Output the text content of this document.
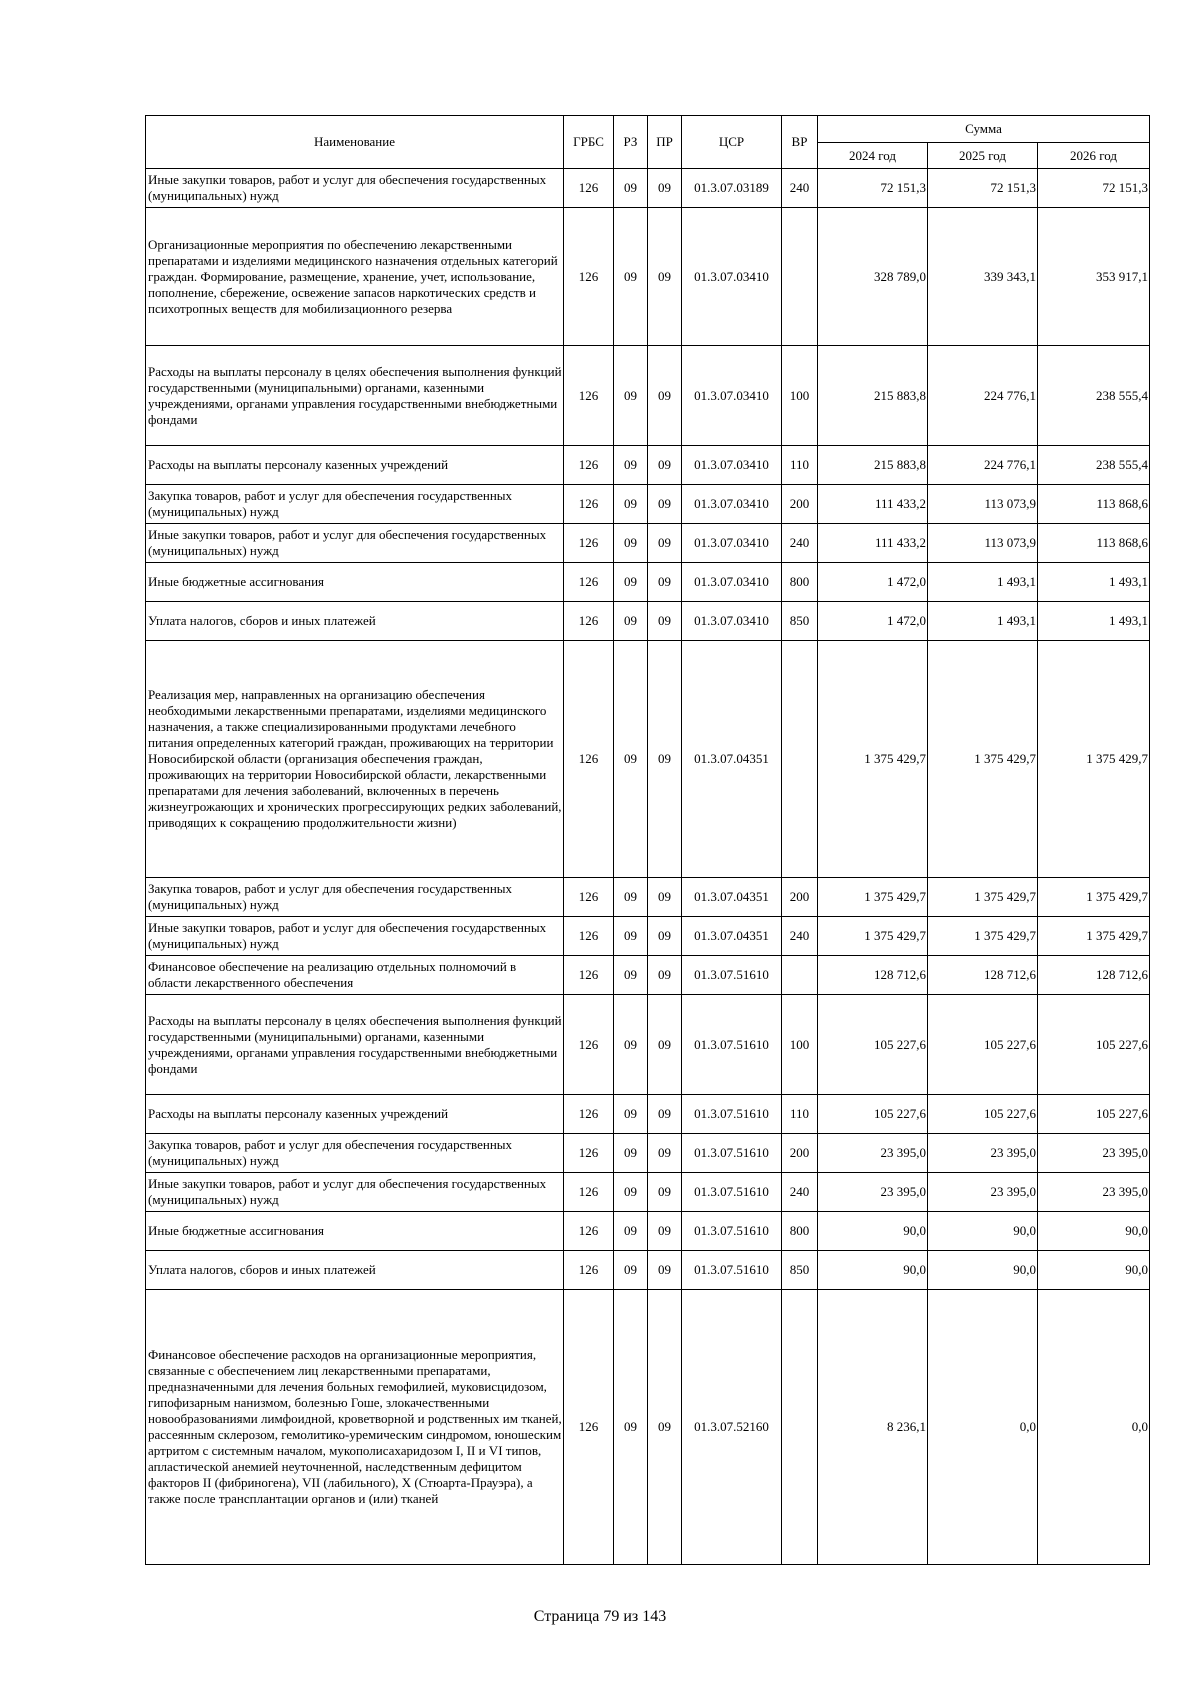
Наименование	ГРБС	РЗ	ПР	ЦСР	ВР	Сумма		
						2024 год	2025 год	2026 год
Иные закупки товаров, работ и услуг для обеспечения государственных (муниципальных) нужд	126	09	09	01.3.07.03189	240	72 151,3	72 151,3	72 151,3
Организационные мероприятия по обеспечению лекарственными препаратами и изделиями медицинского назначения отдельных категорий граждан. Формирование, размещение, хранение, учет, использование, пополнение, сбережение, освежение запасов наркотических средств и психотропных веществ для мобилизационного резерва	126	09	09	01.3.07.03410		328 789,0	339 343,1	353 917,1
Расходы на выплаты персоналу в целях обеспечения выполнения функций государственными (муниципальными) органами, казенными учреждениями, органами управления государственными внебюджетными фондами	126	09	09	01.3.07.03410	100	215 883,8	224 776,1	238 555,4
Расходы на выплаты персоналу казенных учреждений	126	09	09	01.3.07.03410	110	215 883,8	224 776,1	238 555,4
Закупка товаров, работ и услуг для обеспечения государственных (муниципальных) нужд	126	09	09	01.3.07.03410	200	111 433,2	113 073,9	113 868,6
Иные закупки товаров, работ и услуг для обеспечения государственных (муниципальных) нужд	126	09	09	01.3.07.03410	240	111 433,2	113 073,9	113 868,6
Иные бюджетные ассигнования	126	09	09	01.3.07.03410	800	1 472,0	1 493,1	1 493,1
Уплата налогов, сборов и иных платежей	126	09	09	01.3.07.03410	850	1 472,0	1 493,1	1 493,1
Реализация мер, направленных на организацию обеспечения необходимыми лекарственными препаратами, изделиями медицинского назначения, а также специализированными продуктами лечебного питания определенных категорий граждан, проживающих на территории Новосибирской области (организация обеспечения граждан, проживающих на территории Новосибирской области, лекарственными препаратами для лечения заболеваний, включенных в перечень жизнеугрожающих и хронических прогрессирующих редких заболеваний, приводящих к сокращению продолжительности жизни)	126	09	09	01.3.07.04351		1 375 429,7	1 375 429,7	1 375 429,7
Закупка товаров, работ и услуг для обеспечения государственных (муниципальных) нужд	126	09	09	01.3.07.04351	200	1 375 429,7	1 375 429,7	1 375 429,7
Иные закупки товаров, работ и услуг для обеспечения государственных (муниципальных) нужд	126	09	09	01.3.07.04351	240	1 375 429,7	1 375 429,7	1 375 429,7
Финансовое обеспечение на реализацию отдельных полномочий в области лекарственного обеспечения	126	09	09	01.3.07.51610		128 712,6	128 712,6	128 712,6
Расходы на выплаты персоналу в целях обеспечения выполнения функций государственными (муниципальными) органами, казенными учреждениями, органами управления государственными внебюджетными фондами	126	09	09	01.3.07.51610	100	105 227,6	105 227,6	105 227,6
Расходы на выплаты персоналу казенных учреждений	126	09	09	01.3.07.51610	110	105 227,6	105 227,6	105 227,6
Закупка товаров, работ и услуг для обеспечения государственных (муниципальных) нужд	126	09	09	01.3.07.51610	200	23 395,0	23 395,0	23 395,0
Иные закупки товаров, работ и услуг для обеспечения государственных (муниципальных) нужд	126	09	09	01.3.07.51610	240	23 395,0	23 395,0	23 395,0
Иные бюджетные ассигнования	126	09	09	01.3.07.51610	800	90,0	90,0	90,0
Уплата налогов, сборов и иных платежей	126	09	09	01.3.07.51610	850	90,0	90,0	90,0
Финансовое обеспечение расходов на организационные мероприятия, связанные с обеспечением лиц лекарственными препаратами, предназначенными для лечения больных гемофилией, муковисцидозом, гипофизарным нанизмом, болезнью Гоше, злокачественными новообразованиями лимфоидной, кроветворной и родственных им тканей, рассеянным склерозом, гемолитико-уремическим синдромом, юношеским артритом с системным началом, мукополисахаридозом I, II и VI типов, апластической анемией неуточненной, наследственным дефицитом факторов II (фибриногена), VII (лабильного), X (Стюарта-Прауэра), а также после трансплантации органов и (или) тканей	126	09	09	01.3.07.52160		8 236,1	0,0	0,0
Страница 79 из 143
